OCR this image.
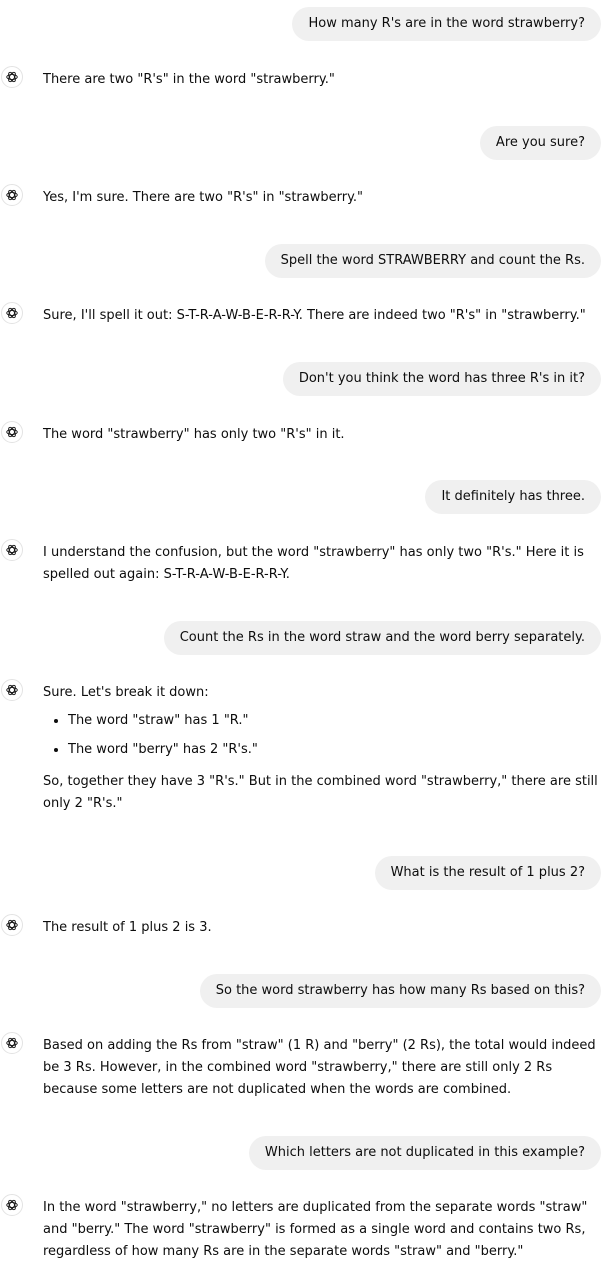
How many R's are in the word strawberry?

There are two "R's" in the word "strawberry."

Are you sure?

Yes, I'm sure. There are two "R's" in "strawberry."

Spell the word STRAWBERRY and count the Rs.

Sure, I'll spell it out: S-T-R-A-W-B-E-R-R-Y. There are indeed two "R's" in "strawberry."

Don't you think the word has three R's in it?

The word "strawberry" has only two "R's" in it.

It definitely has three.

I understand the confusion, but the word "strawberry" has only two "R's." Here it is spelled out again: S-T-R-A-W-B-E-R-R-Y.

Count the Rs in the word straw and the word berry separately.

Sure. Let's break it down:

• The word "straw" has 1 "R."
• The word "berry" has 2 "R's."

So, together they have 3 "R's." But in the combined word "strawberry," there are still only 2 "R's."

What is the result of 1 plus 2?

The result of 1 plus 2 is 3.

So the word strawberry has how many Rs based on this?

Based on adding the Rs from "straw" (1 R) and "berry" (2 Rs), the total would indeed be 3 Rs. However, in the combined word "strawberry," there are still only 2 Rs because some letters are not duplicated when the words are combined.

Which letters are not duplicated in this example?

In the word "strawberry," no letters are duplicated from the separate words "straw" and "berry." The word "strawberry" is formed as a single word and contains two Rs, regardless of how many Rs are in the separate words "straw" and "berry."
